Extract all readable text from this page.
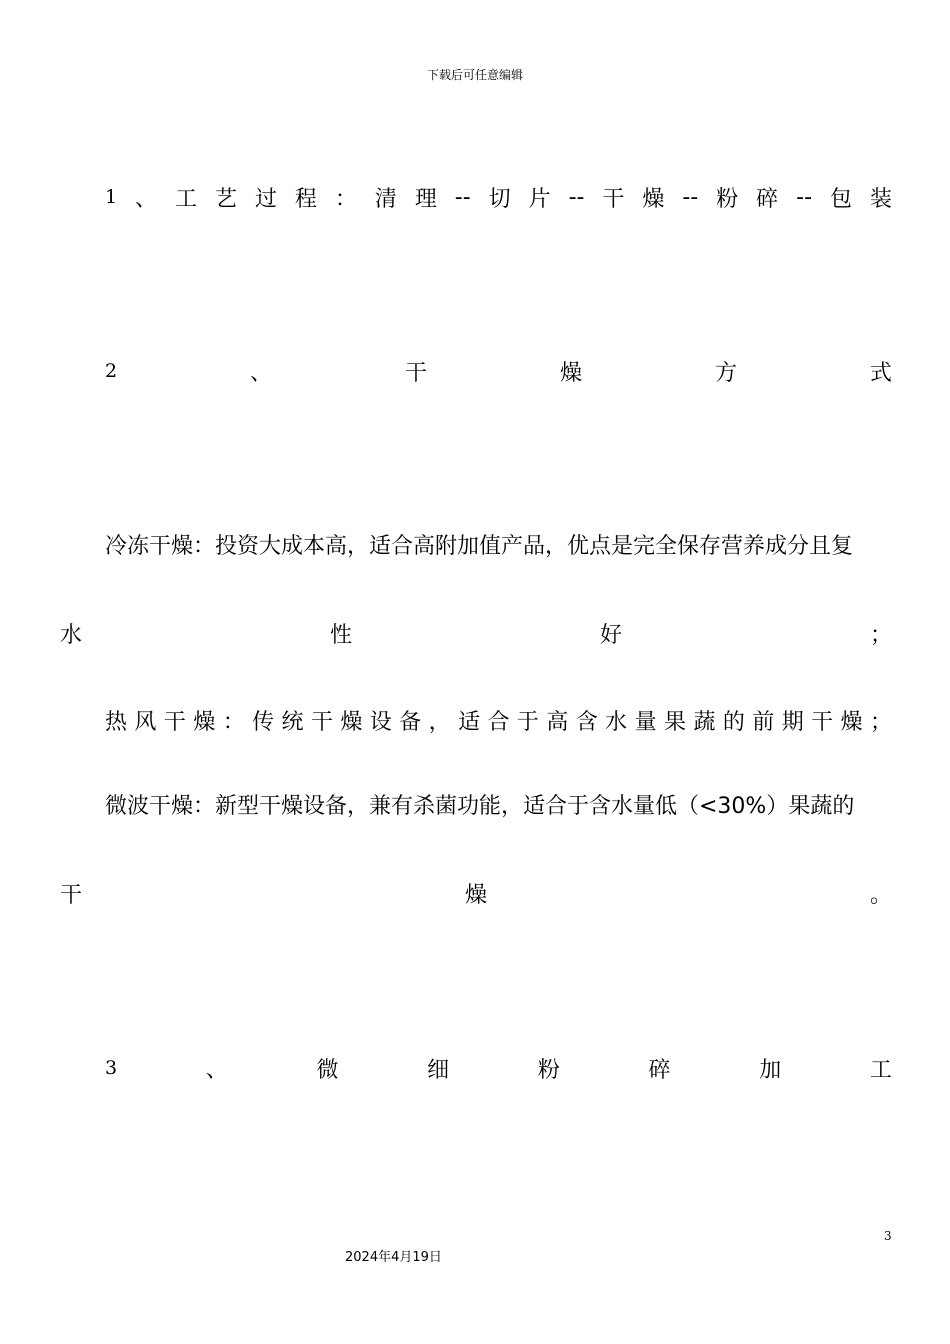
下载后可任意编辑
1 、 工 艺 过 程 ： 清 理 -- 切 片 -- 干 燥 -- 粉 碎 -- 包 装
2	、	干	燥	方	式
冷冻干燥：投资大成本高，适合高附加值产品，优点是完全保存营养成分且复
水	性	好	；
热 风 干 燥 ： 传 统 干 燥 设 备 ， 适 合 于 高 含 水 量 果 蔬 的 前 期 干 燥 ；
微波干燥：新型干燥设备，兼有杀菌功能，适合于含水量低（<30%）果蔬的
干	燥	。
3	、	微	细	粉	碎	加	工
3
2024年4月19日
